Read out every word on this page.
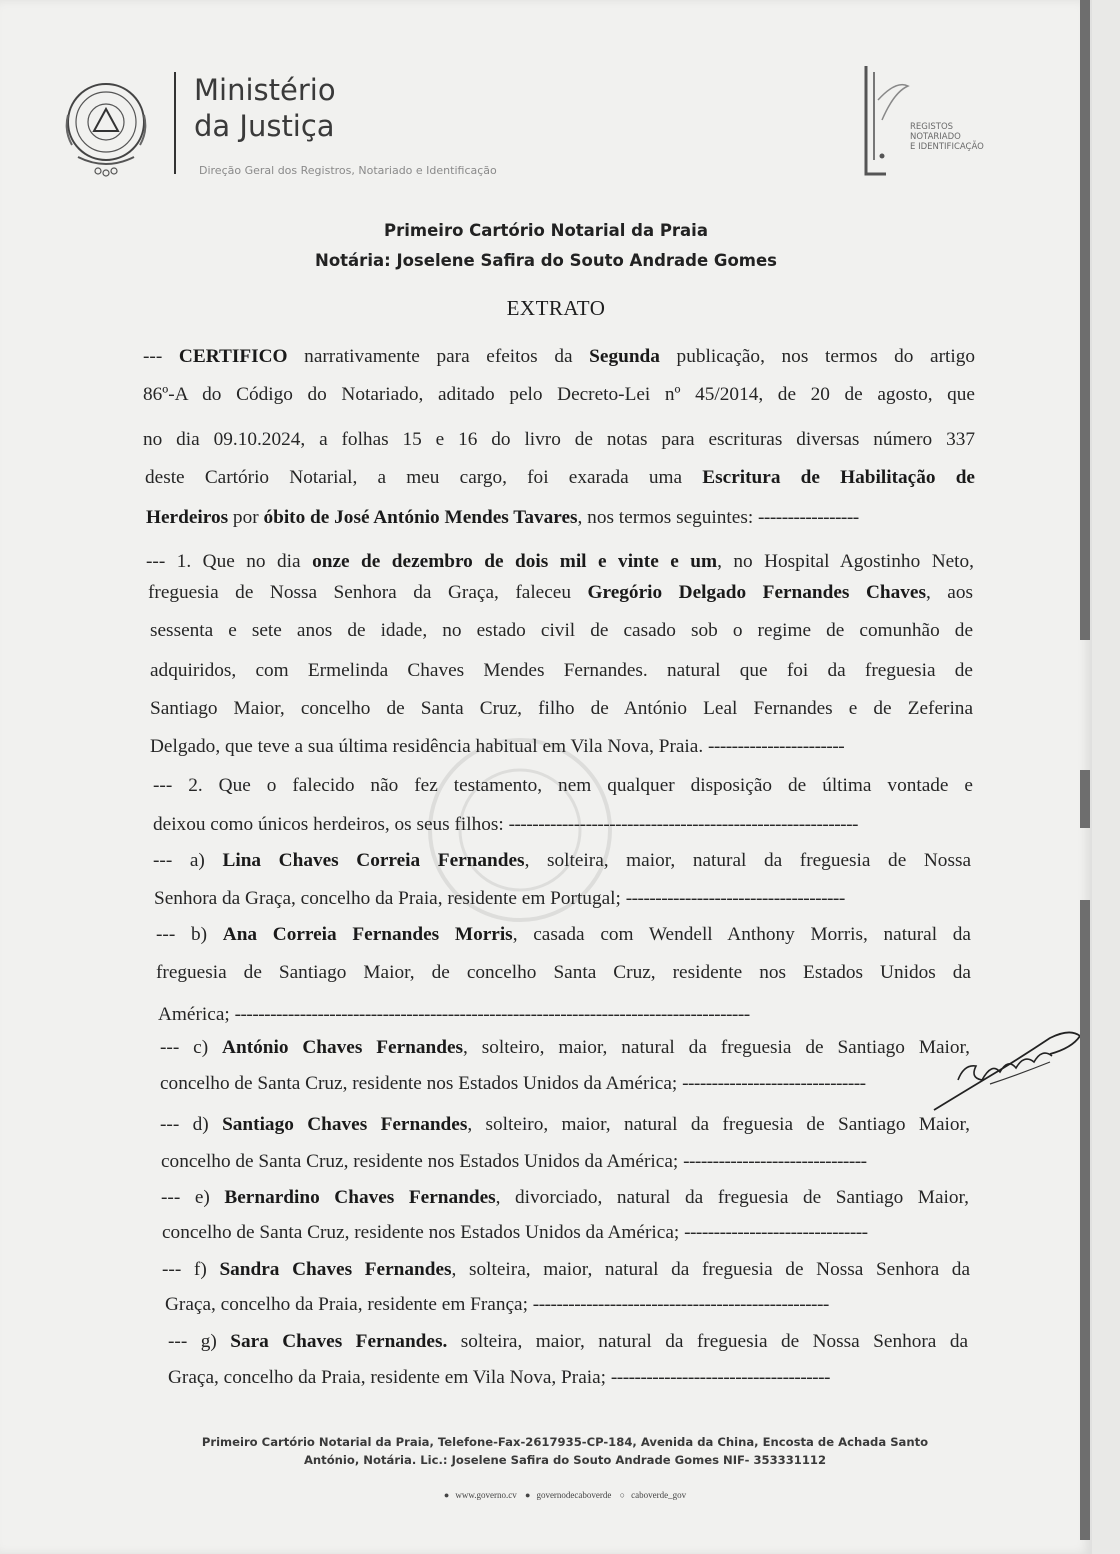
Ministério
da Justiça
Direção Geral dos Registros, Notariado e Identificação
REGISTOS
NOTARIADO
E IDENTIFICAÇÃO
Primeiro Cartório Notarial da Praia
Notária: Joselene Safira do Souto Andrade Gomes
EXTRATO
--- CERTIFICO narrativamente para efeitos da Segunda publicação, nos termos do artigo
86º-A do Código do Notariado, aditado pelo Decreto-Lei nº 45/2014, de 20 de agosto, que
no dia 09.10.2024, a folhas 15 e 16 do livro de notas para escrituras diversas número 337
deste Cartório Notarial, a meu cargo, foi exarada uma Escritura de Habilitação de
Herdeiros por óbito de José António Mendes Tavares, nos termos seguintes: -----------------
--- 1. Que no dia onze de dezembro de dois mil e vinte e um, no Hospital Agostinho Neto,
freguesia de Nossa Senhora da Graça, faleceu Gregório Delgado Fernandes Chaves, aos
sessenta e sete anos de idade, no estado civil de casado sob o regime de comunhão de
adquiridos, com Ermelinda Chaves Mendes Fernandes. natural que foi da freguesia de
Santiago Maior, concelho de Santa Cruz, filho de António Leal Fernandes e de Zeferina
Delgado, que teve a sua última residência habitual em Vila Nova, Praia. -----------------------
--- 2. Que o falecido não fez testamento, nem qualquer disposição de última vontade e
deixou como únicos herdeiros, os seus filhos: -----------------------------------------------------------
--- a) Lina Chaves Correia Fernandes, solteira, maior, natural da freguesia de Nossa
Senhora da Graça, concelho da Praia, residente em Portugal; -------------------------------------
--- b) Ana Correia Fernandes Morris, casada com Wendell Anthony Morris, natural da
freguesia de Santiago Maior, de concelho Santa Cruz, residente nos Estados Unidos da
América; ---------------------------------------------------------------------------------------
--- c) António Chaves Fernandes, solteiro, maior, natural da freguesia de Santiago Maior,
concelho de Santa Cruz, residente nos Estados Unidos da América; -------------------------------
--- d) Santiago Chaves Fernandes, solteiro, maior, natural da freguesia de Santiago Maior,
concelho de Santa Cruz, residente nos Estados Unidos da América; -------------------------------
--- e) Bernardino Chaves Fernandes, divorciado, natural da freguesia de Santiago Maior,
concelho de Santa Cruz, residente nos Estados Unidos da América; -------------------------------
--- f) Sandra Chaves Fernandes, solteira, maior, natural da freguesia de Nossa Senhora da
Graça, concelho da Praia, residente em França; --------------------------------------------------
--- g) Sara Chaves Fernandes. solteira, maior, natural da freguesia de Nossa Senhora da
Graça, concelho da Praia, residente em Vila Nova, Praia; -------------------------------------
Primeiro Cartório Notarial da Praia, Telefone-Fax-2617935-CP-184, Avenida da China, Encosta de Achada Santo
António, Notária. Lic.: Joselene Safira do Souto Andrade Gomes NIF- 353331112
● www.governo.cv ● governodecaboverde ○ caboverde_gov
